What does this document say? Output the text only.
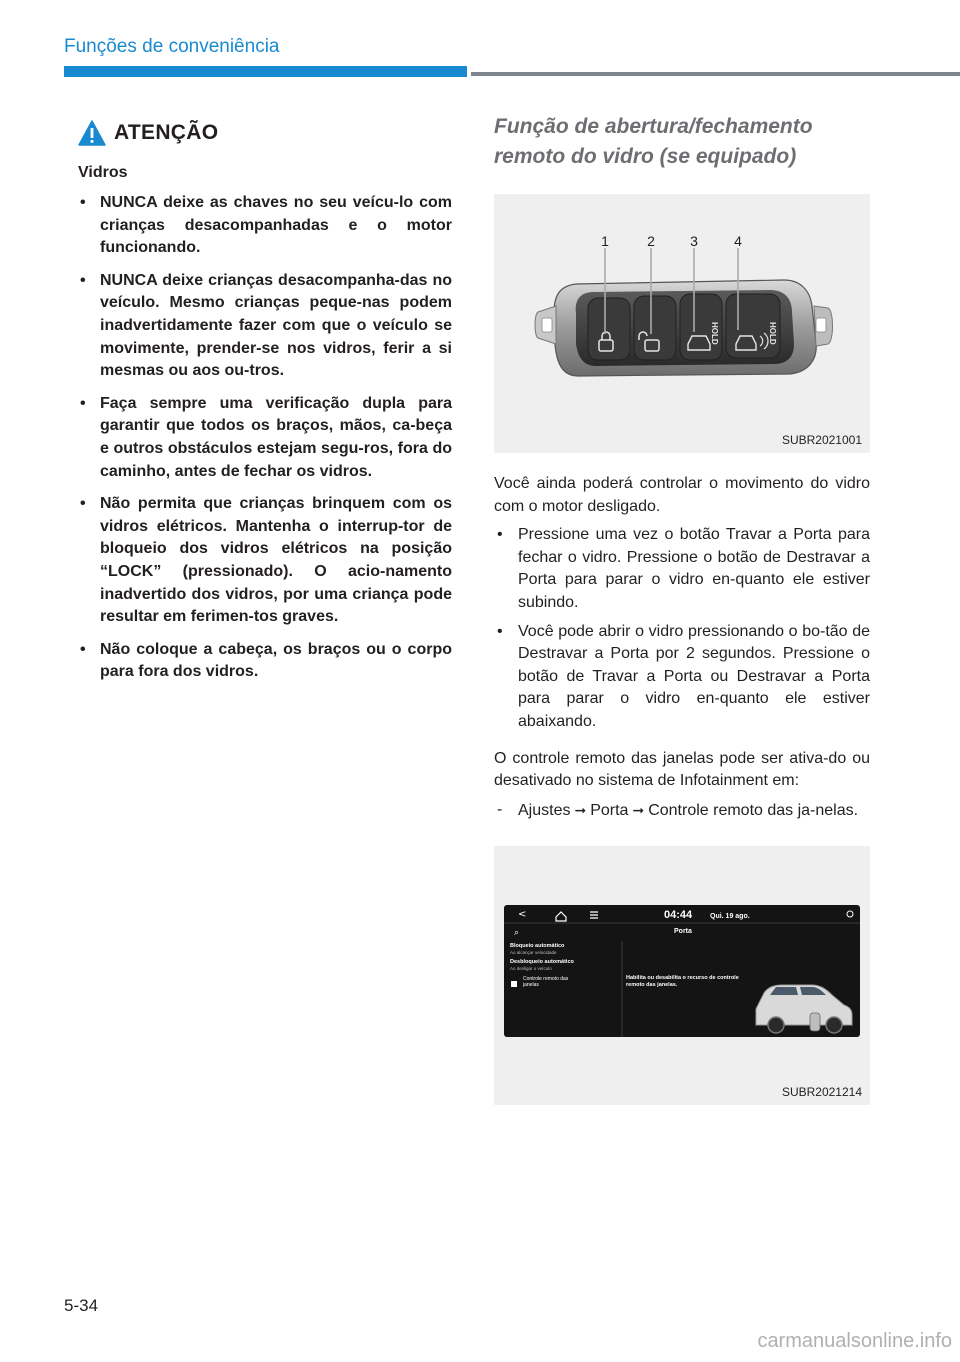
Funções de conveniência
ATENÇÃO
Vidros
• NUNCA deixe as chaves no seu veícu-lo com crianças desacompanhadas e o motor funcionando.
• NUNCA deixe crianças desacompanha-das no veículo. Mesmo crianças peque-nas podem inadvertidamente fazer com que o veículo se movimente, prender-se nos vidros, ferir a si mesmas ou aos ou-tros.
• Faça sempre uma verificação dupla para garantir que todos os braços, mãos, ca-beça e outros obstáculos estejam segu-ros, fora do caminho, antes de fechar os vidros.
• Não permita que crianças brinquem com os vidros elétricos. Mantenha o interrup-tor de bloqueio dos vidros elétricos na posição “LOCK” (pressionado). O acio-namento inadvertido dos vidros, por uma criança pode resultar em ferimen-tos graves.
• Não coloque a cabeça, os braços ou o corpo para fora dos vidros.
Função de abertura/fechamento remoto do vidro (se equipado)
1	2	3	4
HOLD	HOLD
SUBR2021001

Você ainda poderá controlar o movimento do vidro com o motor desligado.

• Pressione uma vez o botão Travar a Porta para fechar o vidro. Pressione o botão de Destravar a Porta para parar o vidro en-quanto ele estiver subindo.
• Você pode abrir o vidro pressionando o bo-tão de Destravar a Porta por 2 segundos. Pressione o botão de Travar a Porta ou Destravar a Porta para parar o vidro en-quanto ele estiver abaixando.

O controle remoto das janelas pode ser ativa-do ou desativado no sistema de Infotainment em:

- Ajustes ➞ Porta ➞ Controle remoto das ja-nelas.
<	04:44	Qui. 19 ago.
⌕	Porta
Bloqueio automático
Ao alcançar velocidade
Desbloqueio automático
Ao desligar o veículo
Controle remoto das janelas
Habilita ou desabilita o recurso de controle remoto das janelas.
SUBR2021214
5-34
carmanualsonline.info
